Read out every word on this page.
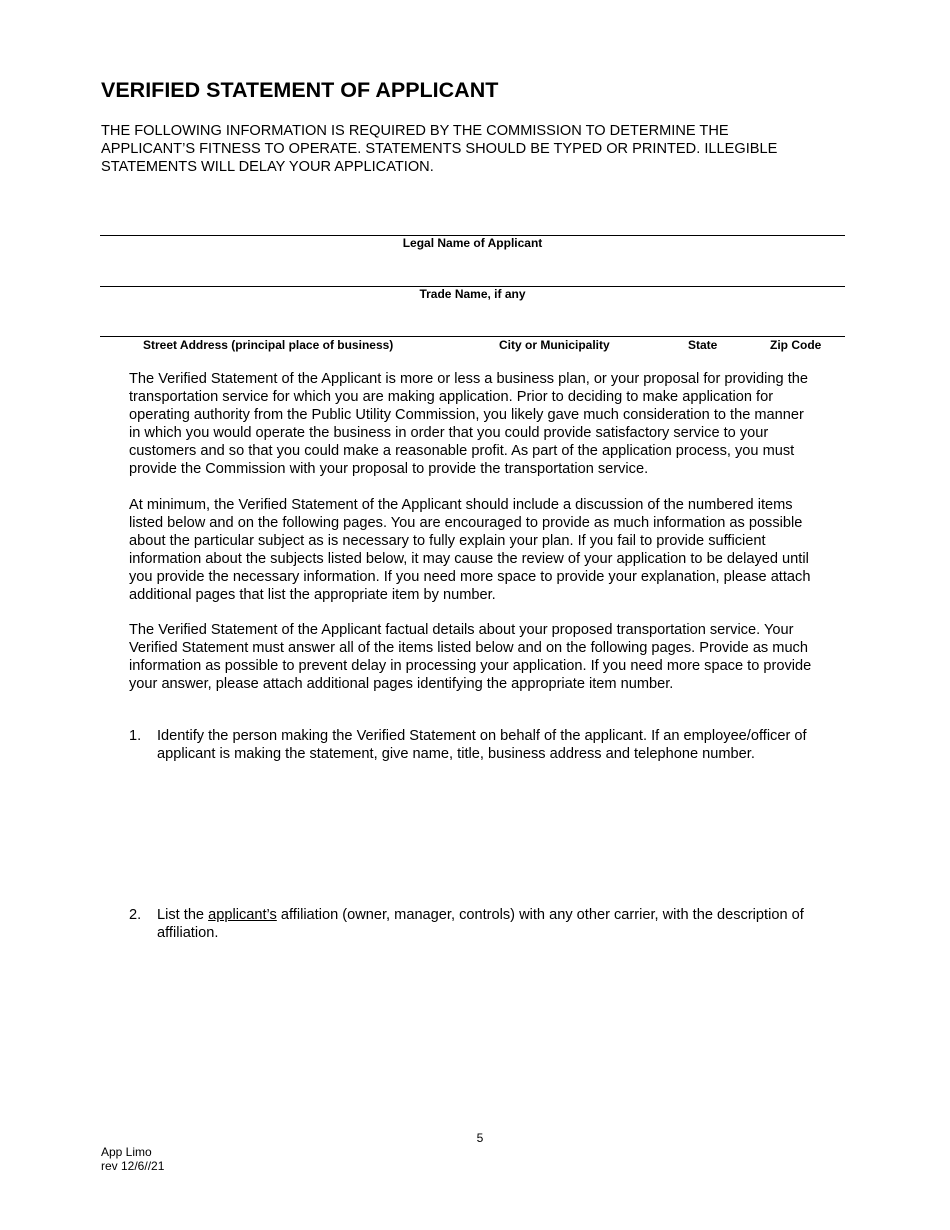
VERIFIED STATEMENT OF APPLICANT

THE FOLLOWING INFORMATION IS REQUIRED BY THE COMMISSION TO DETERMINE THE
APPLICANT’S FITNESS TO OPERATE. STATEMENTS SHOULD BE TYPED OR PRINTED. ILLEGIBLE
STATEMENTS WILL DELAY YOUR APPLICATION.

Legal Name of Applicant
Trade Name, if any
Street Address (principal place of business)	City or Municipality	State	Zip Code

The Verified Statement of the Applicant is more or less a business plan, or your proposal for providing the
transportation service for which you are making application. Prior to deciding to make application for
operating authority from the Public Utility Commission, you likely gave much consideration to the manner
in which you would operate the business in order that you could provide satisfactory service to your
customers and so that you could make a reasonable profit. As part of the application process, you must
provide the Commission with your proposal to provide the transportation service.

At minimum, the Verified Statement of the Applicant should include a discussion of the numbered items
listed below and on the following pages. You are encouraged to provide as much information as possible
about the particular subject as is necessary to fully explain your plan. If you fail to provide sufficient
information about the subjects listed below, it may cause the review of your application to be delayed until
you provide the necessary information. If you need more space to provide your explanation, please attach
additional pages that list the appropriate item by number.

The Verified Statement of the Applicant factual details about your proposed transportation service. Your
Verified Statement must answer all of the items listed below and on the following pages. Provide as much
information as possible to prevent delay in processing your application. If you need more space to provide
your answer, please attach additional pages identifying the appropriate item number.

1. Identify the person making the Verified Statement on behalf of the applicant. If an employee/officer of
applicant is making the statement, give name, title, business address and telephone number.

2. List the applicant’s affiliation (owner, manager, controls) with any other carrier, with the description of
affiliation.

5
App Limo
rev 12/6//21
